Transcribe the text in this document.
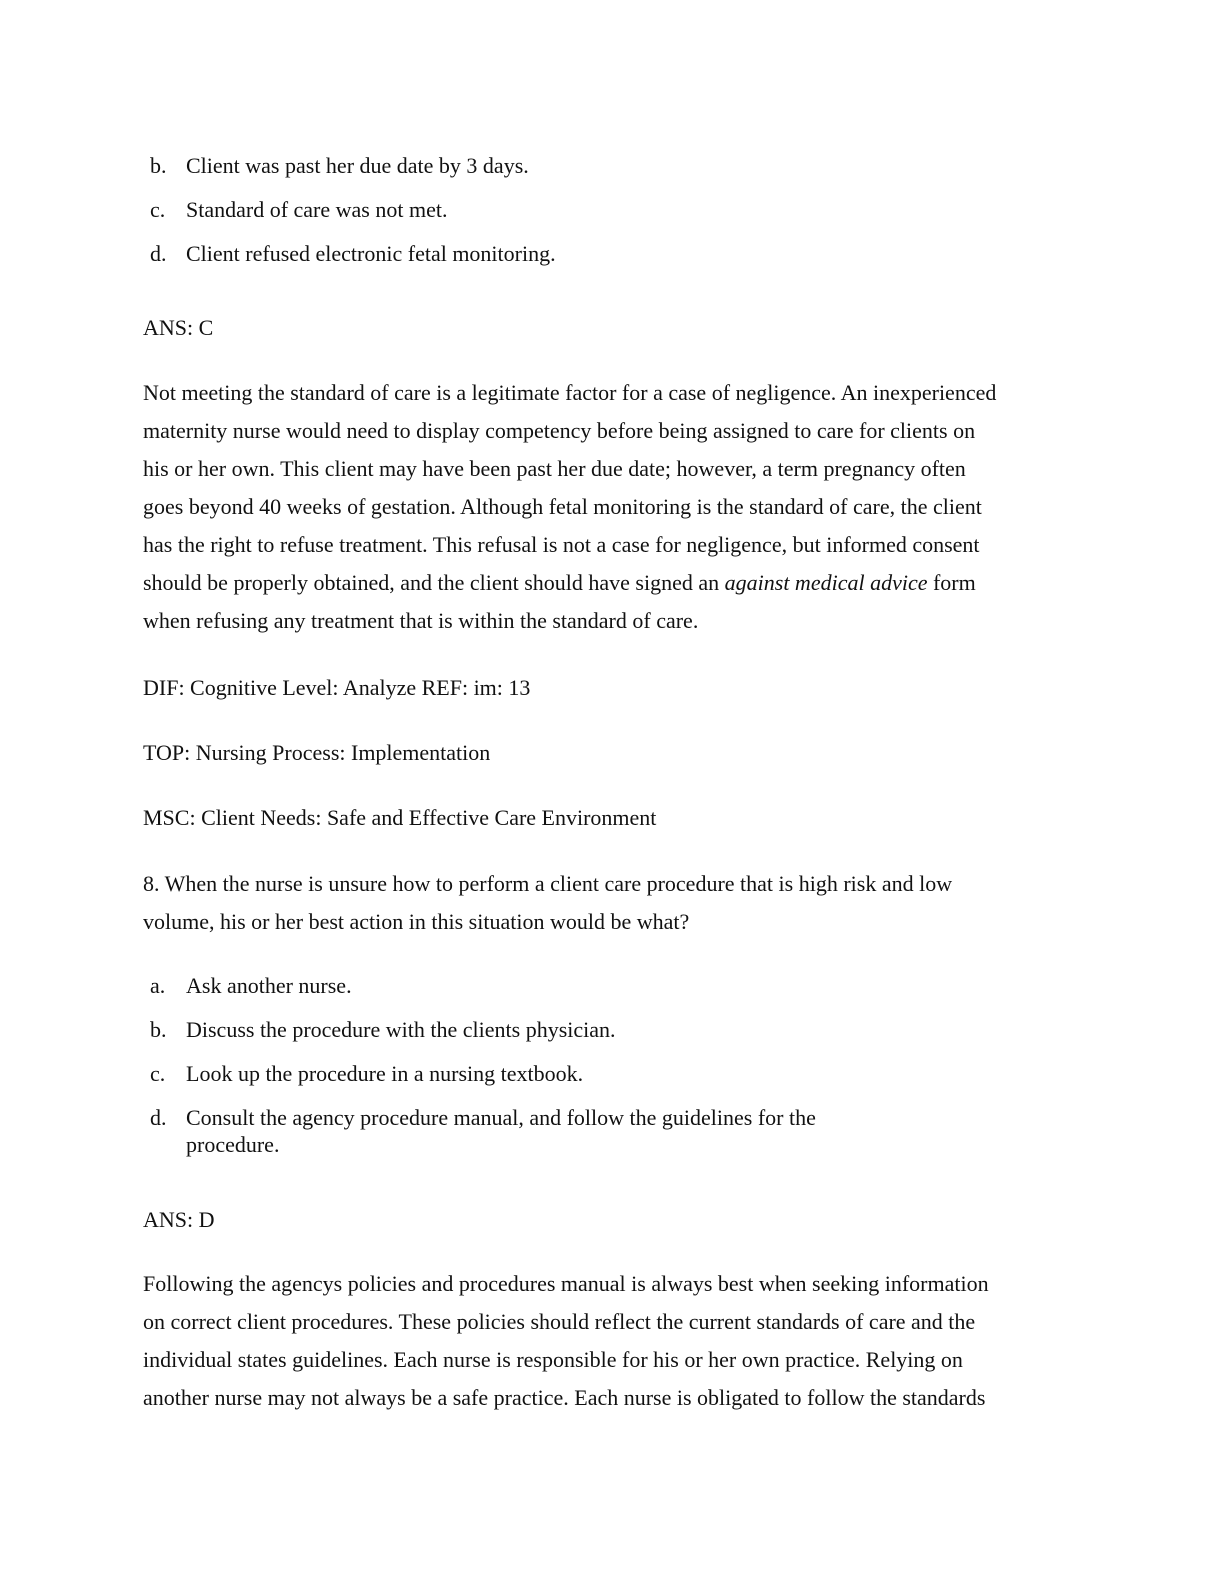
b. Client was past her due date by 3 days.
c. Standard of care was not met.
d. Client refused electronic fetal monitoring.
ANS: C
Not meeting the standard of care is a legitimate factor for a case of negligence. An inexperienced
maternity nurse would need to display competency before being assigned to care for clients on
his or her own. This client may have been past her due date; however, a term pregnancy often
goes beyond 40 weeks of gestation. Although fetal monitoring is the standard of care, the client
has the right to refuse treatment. This refusal is not a case for negligence, but informed consent
should be properly obtained, and the client should have signed an against medical advice form
when refusing any treatment that is within the standard of care.
DIF: Cognitive Level: Analyze REF: im: 13
TOP: Nursing Process: Implementation
MSC: Client Needs: Safe and Effective Care Environment
8. When the nurse is unsure how to perform a client care procedure that is high risk and low
volume, his or her best action in this situation would be what?
a. Ask another nurse.
b. Discuss the procedure with the clients physician.
c. Look up the procedure in a nursing textbook.
d. Consult the agency procedure manual, and follow the guidelines for the procedure.
ANS: D
Following the agencys policies and procedures manual is always best when seeking information
on correct client procedures. These policies should reflect the current standards of care and the
individual states guidelines. Each nurse is responsible for his or her own practice. Relying on
another nurse may not always be a safe practice. Each nurse is obligated to follow the standards
